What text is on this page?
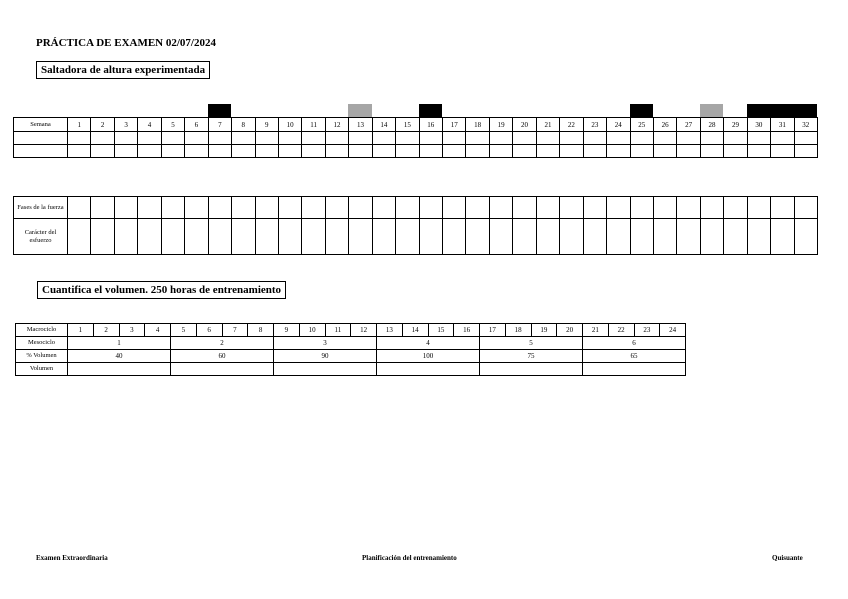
PRÁCTICA DE EXAMEN 02/07/2024
Saltadora de altura experimentada
Semana	1	2	3	4	5	6	7	8	9	10	11	12	13	14	15	16	17	18	19	20	21	22	23	24	25	26	27	28	29	30	31	32

Fases de la fuerza																																
Carácter del esfuerzo																																
Cuantifica el volumen. 250 horas de entrenamiento
Macrociclo	1	2	3	4	5	6	7	8	9	10	11	12	13	14	15	16	17	18	19	20	21	22	23	24
Mesociclo	1				2				3				4				5				6			
% Volumen	40				60				90				100				75				65			
Volumen																								
Examen Extraordinaria	Planificación del entrenamiento	Quisuante
